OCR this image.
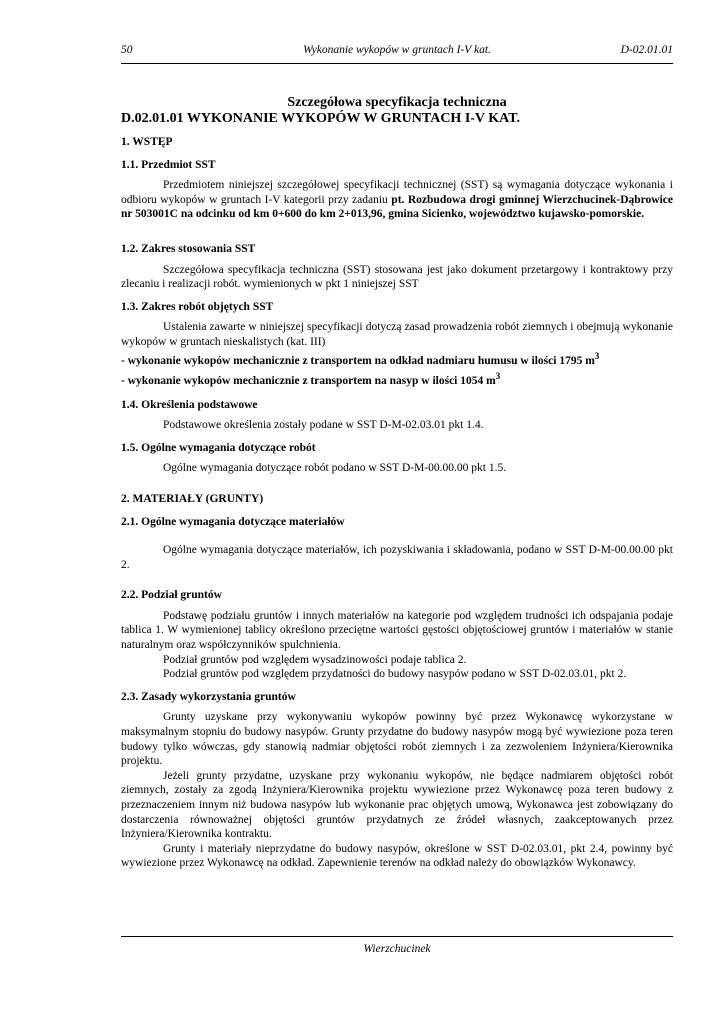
50	Wykonanie wykopów w gruntach I-V kat.	D-02.01.01

Szczegółowa specyfikacja techniczna

D.02.01.01 WYKONANIE WYKOPÓW W GRUNTACH I-V KAT.

1. WSTĘP
1.1. Przedmiot SST

Przedmiotem niniejszej szczegółowej specyfikacji technicznej (SST) są wymagania dotyczące wykonania i odbioru wykopów w gruntach I-V kategorii przy zadaniu pt. Rozbudowa drogi gminnej Wierzchucinek-Dąbrowice nr 503001C na odcinku od km 0+600 do km 2+013,96, gmina Sicienko, województwo kujawsko-pomorskie.

1.2. Zakres stosowania SST

Szczegółowa specyfikacja techniczna (SST) stosowana jest jako dokument przetargowy i kontraktowy przy zlecaniu i realizacji robót. wymienionych w pkt 1 niniejszej SST

1.3. Zakres robót objętych SST

Ustalenia zawarte w niniejszej specyfikacji dotyczą zasad prowadzenia robót ziemnych i obejmują wykonanie wykopów w gruntach nieskalistych (kat. III)

- wykonanie wykopów mechanicznie z transportem na odkład nadmiaru humusu w ilości 1795 $m^3$
- wykonanie wykopów mechanicznie z transportem na nasyp w ilości 1054 $m^3$
1.4. Określenia podstawowe

Podstawowe określenia zostały podane w SST D-M-02.03.01 pkt 1.4.

1.5. Ogólne wymagania dotyczące robót

Ogólne wymagania dotyczące robót podano w SST D-M-00.00.00 pkt 1.5.

2. MATERIAŁY (GRUNTY)
2.1. Ogólne wymagania dotyczące materiałów

Ogólne wymagania dotyczące materiałów, ich pozyskiwania i składowania, podano w SST D-M-00.00.00 pkt 2.

2.2. Podział gruntów

Podstawę podziału gruntów i innych materiałów na kategorie pod względem trudności ich odspajania podaje tablica 1. W wymienionej tablicy określono przeciętne wartości gęstości objętościowej gruntów i materiałów w stanie naturalnym oraz współczynników spulchnienia.

Podział gruntów pod względem wysadzinowości podaje tablica 2.

Podział gruntów pod względem przydatności do budowy nasypów podano w SST D-02.03.01, pkt 2.

2.3. Zasady wykorzystania gruntów

Grunty uzyskane przy wykonywaniu wykopów powinny być przez Wykonawcę wykorzystane w maksymalnym stopniu do budowy nasypów. Grunty przydatne do budowy nasypów mogą być wywiezione poza teren budowy tylko wówczas, gdy stanowią nadmiar objętości robót ziemnych i za zezwoleniem Inżyniera/Kierownika projektu.

Jeżeli grunty przydatne, uzyskane przy wykonaniu wykopów, nie będące nadmiarem objętości robót ziemnych, zostały za zgodą Inżyniera/Kierownika projektu wywiezione przez Wykonawcę poza teren budowy z przeznaczeniem innym niż budowa nasypów lub wykonanie prac objętych umową, Wykonawca jest zobowiązany do dostarczenia równoważnej objętości gruntów przydatnych ze źródeł własnych, zaakceptowanych przez Inżyniera/Kierownika kontraktu.

Grunty i materiały nieprzydatne do budowy nasypów, określone w SST D-02.03.01, pkt 2.4, powinny być wywiezione przez Wykonawcę na odkład. Zapewnienie terenów na odkład należy do obowiązków Wykonawcy.

Wierzchucinek
